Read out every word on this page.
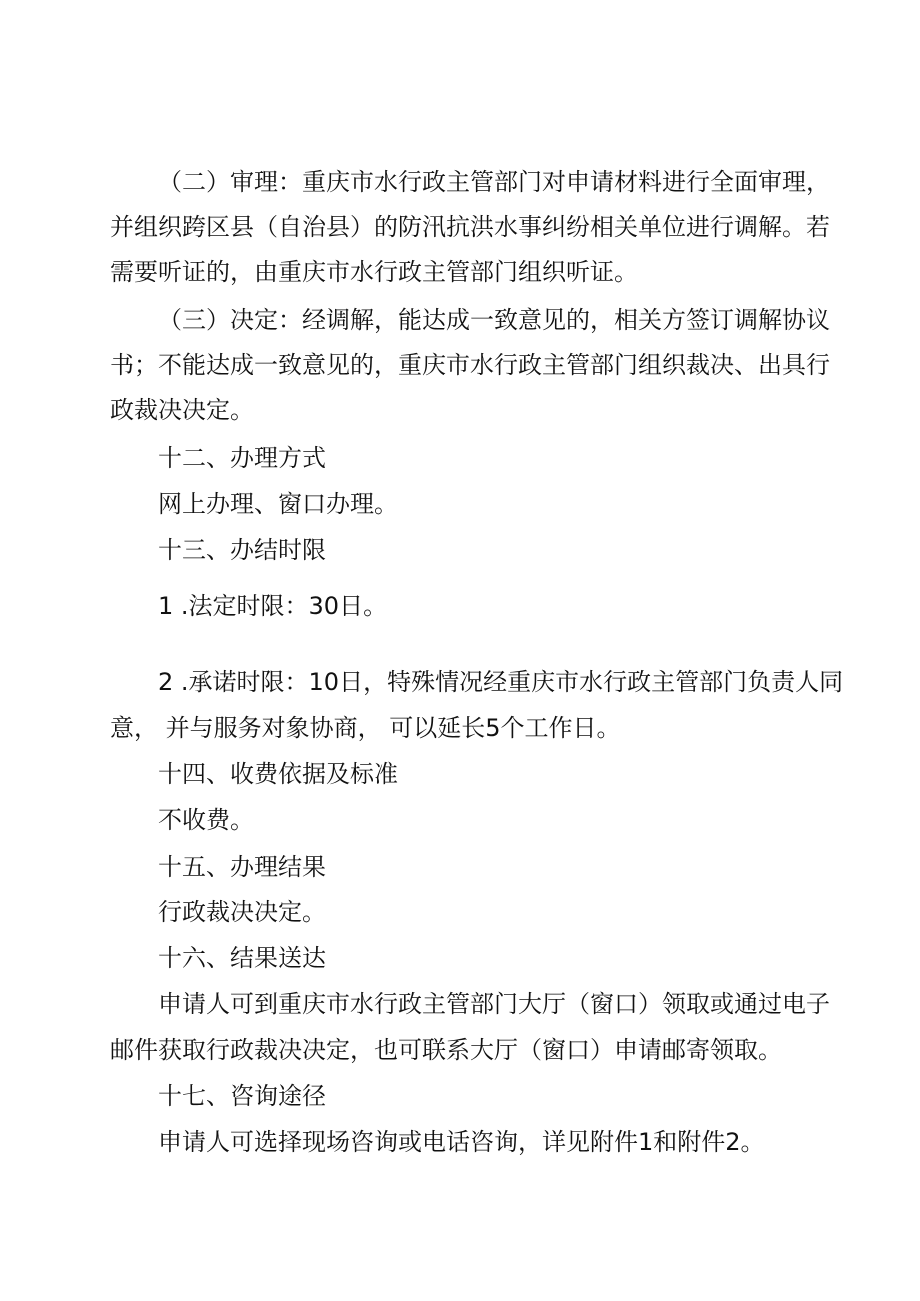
（二）审理：重庆市水行政主管部门对申请材料进行全面审理，
并组织跨区县（自治县）的防汛抗洪水事纠纷相关单位进行调解。若
需要听证的，由重庆市水行政主管部门组织听证。
（三）决定：经调解，能达成一致意见的，相关方签订调解协议
书；不能达成一致意见的，重庆市水行政主管部门组织裁决、出具行
政裁决决定。
十二、办理方式
网上办理、窗口办理。
十三、办结时限
1 .法定时限：30日。
2 .承诺时限：10日，特殊情况经重庆市水行政主管部门负责人同
意， 并与服务对象协商， 可以延长5个工作日。
十四、收费依据及标准
不收费。
十五、办理结果
行政裁决决定。
十六、结果送达
申请人可到重庆市水行政主管部门大厅（窗口）领取或通过电子
邮件获取行政裁决决定，也可联系大厅（窗口）申请邮寄领取。
十七、咨询途径
申请人可选择现场咨询或电话咨询，详见附件1和附件2。
